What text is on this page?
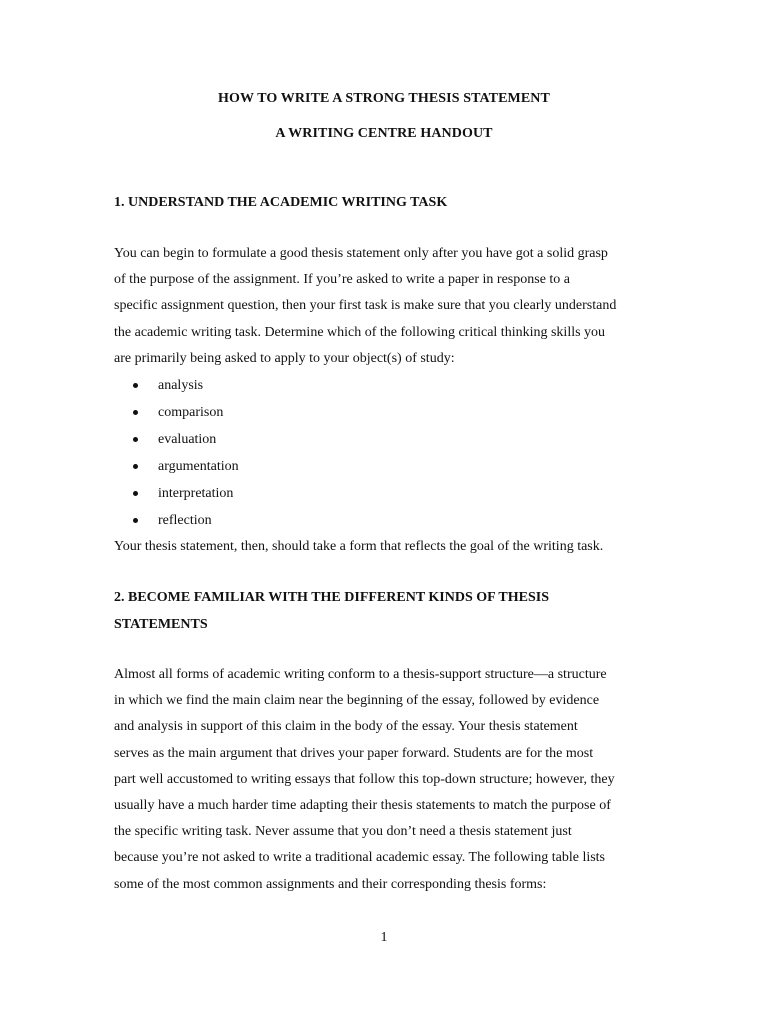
HOW TO WRITE A STRONG THESIS STATEMENT
A WRITING CENTRE HANDOUT
1. UNDERSTAND THE ACADEMIC WRITING TASK

You can begin to formulate a good thesis statement only after you have got a solid grasp
of the purpose of the assignment. If you’re asked to write a paper in response to a
specific assignment question, then your first task is make sure that you clearly understand
the academic writing task. Determine which of the following critical thinking skills you
are primarily being asked to apply to your object(s) of study:

analysis
comparison
evaluation
argumentation
interpretation
reflection
Your thesis statement, then, should take a form that reflects the goal of the writing task.
2. BECOME FAMILIAR WITH THE DIFFERENT KINDS OF THESIS
STATEMENTS

Almost all forms of academic writing conform to a thesis-support structure—a structure
in which we find the main claim near the beginning of the essay, followed by evidence
and analysis in support of this claim in the body of the essay. Your thesis statement
serves as the main argument that drives your paper forward. Students are for the most
part well accustomed to writing essays that follow this top-down structure; however, they
usually have a much harder time adapting their thesis statements to match the purpose of
the specific writing task. Never assume that you don’t need a thesis statement just
because you’re not asked to write a traditional academic essay. The following table lists
some of the most common assignments and their corresponding thesis forms:

1
